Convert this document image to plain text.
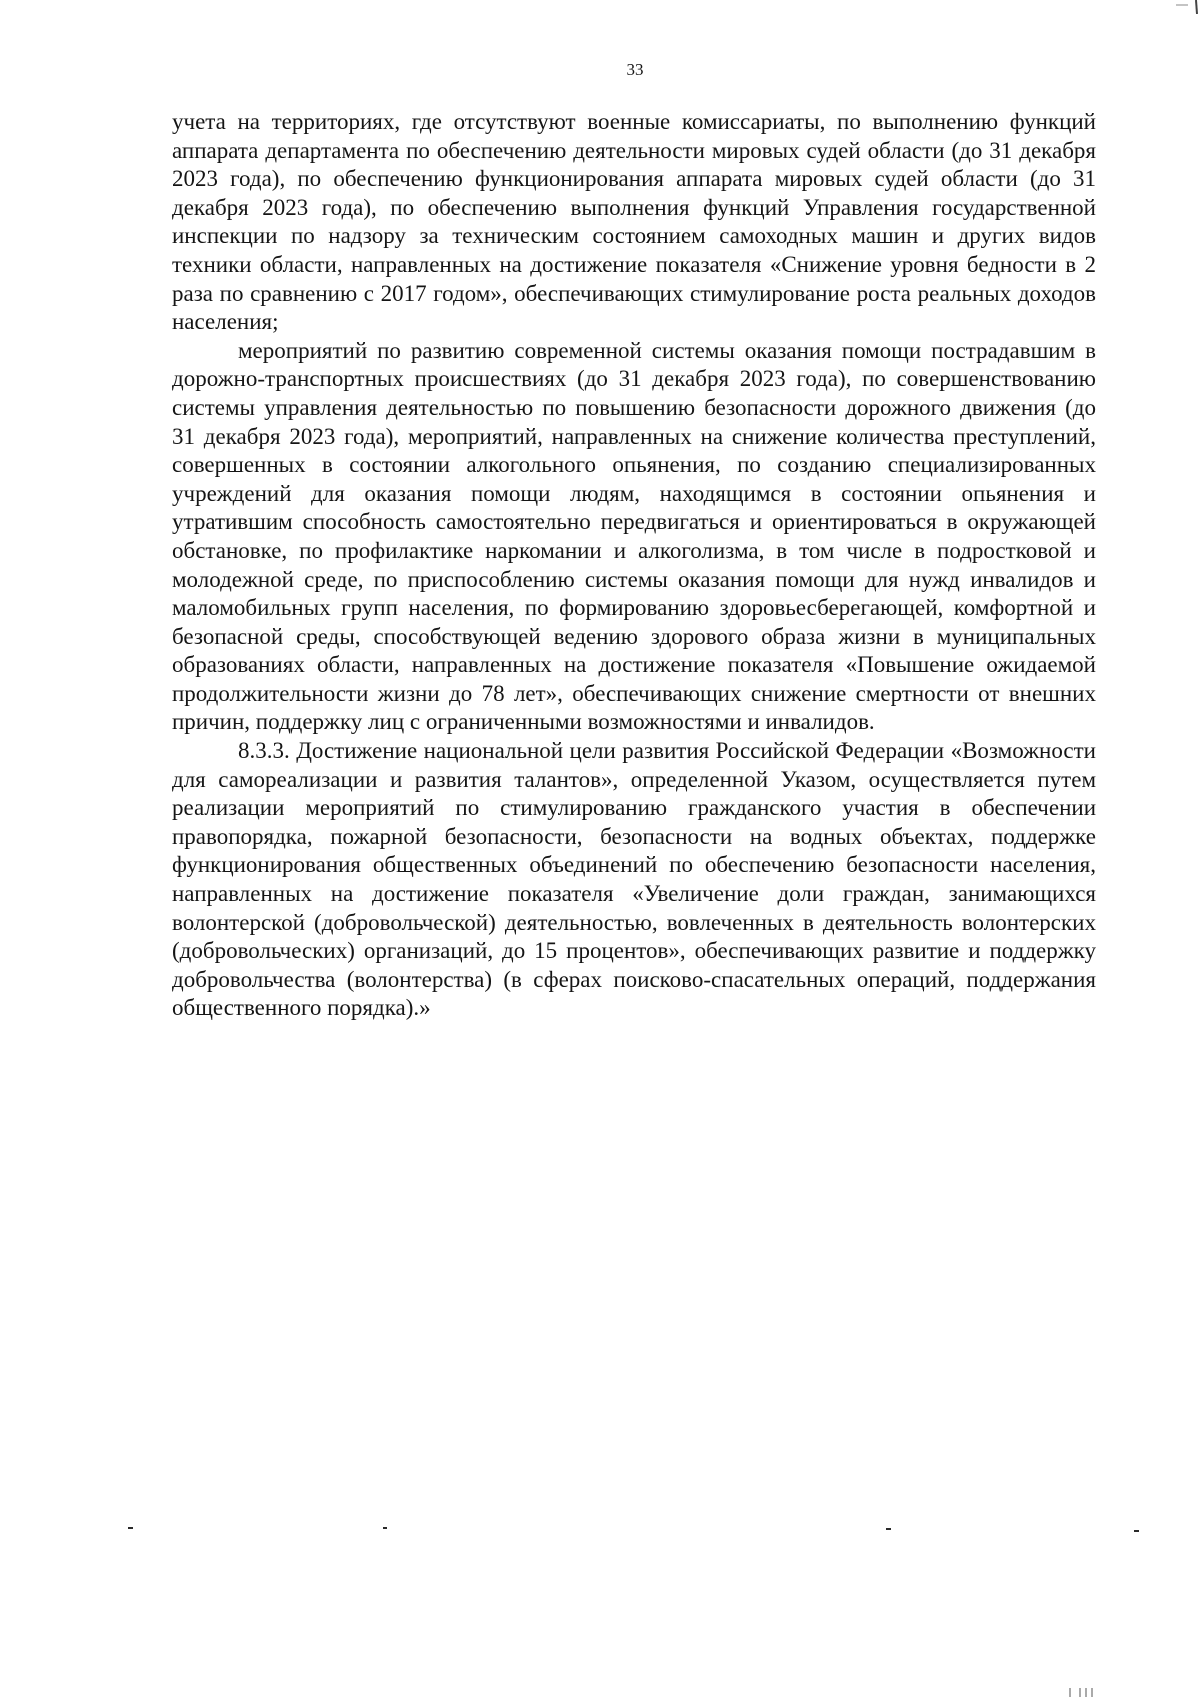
33

учета на территориях, где отсутствуют военные комиссариаты, по выполнению функций аппарата департамента по обеспечению деятельности мировых судей области (до 31 декабря 2023 года), по обеспечению функционирования аппарата мировых судей области (до 31 декабря 2023 года), по обеспечению выполнения функций Управления государственной инспекции по надзору за техническим состоянием самоходных машин и других видов техники области, направленных на достижение показателя «Снижение уровня бедности в 2 раза по сравнению с 2017 годом», обеспечивающих стимулирование роста реальных доходов населения;

мероприятий по развитию современной системы оказания помощи пострадавшим в дорожно-транспортных происшествиях (до 31 декабря 2023 года), по совершенствованию системы управления деятельностью по повышению безопасности дорожного движения (до 31 декабря 2023 года), мероприятий, направленных на снижение количества преступлений, совершенных в состоянии алкогольного опьянения, по созданию специализированных учреждений для оказания помощи людям, находящимся в состоянии опьянения и утратившим способность самостоятельно передвигаться и ориентироваться в окружающей обстановке, по профилактике наркомании и алкоголизма, в том числе в подростковой и молодежной среде, по приспособлению системы оказания помощи для нужд инвалидов и маломобильных групп населения, по формированию здоровьесберегающей, комфортной и безопасной среды, способствующей ведению здорового образа жизни в муниципальных образованиях области, направленных на достижение показателя «Повышение ожидаемой продолжительности жизни до 78 лет», обеспечивающих снижение смертности от внешних причин, поддержку лиц с ограниченными возможностями и инвалидов.

8.3.3. Достижение национальной цели развития Российской Федерации «Возможности для самореализации и развития талантов», определенной Указом, осуществляется путем реализации мероприятий по стимулированию гражданского участия в обеспечении правопорядка, пожарной безопасности, безопасности на водных объектах, поддержке функционирования общественных объединений по обеспечению безопасности населения, направленных на достижение показателя «Увеличение доли граждан, занимающихся волонтерской (добровольческой) деятельностью, вовлеченных в деятельность волонтерских (добровольческих) организаций, до 15 процентов», обеспечивающих развитие и поддержку добровольчества (волонтерства) (в сферах поисково-спасательных операций, поддержания общественного порядка).»
